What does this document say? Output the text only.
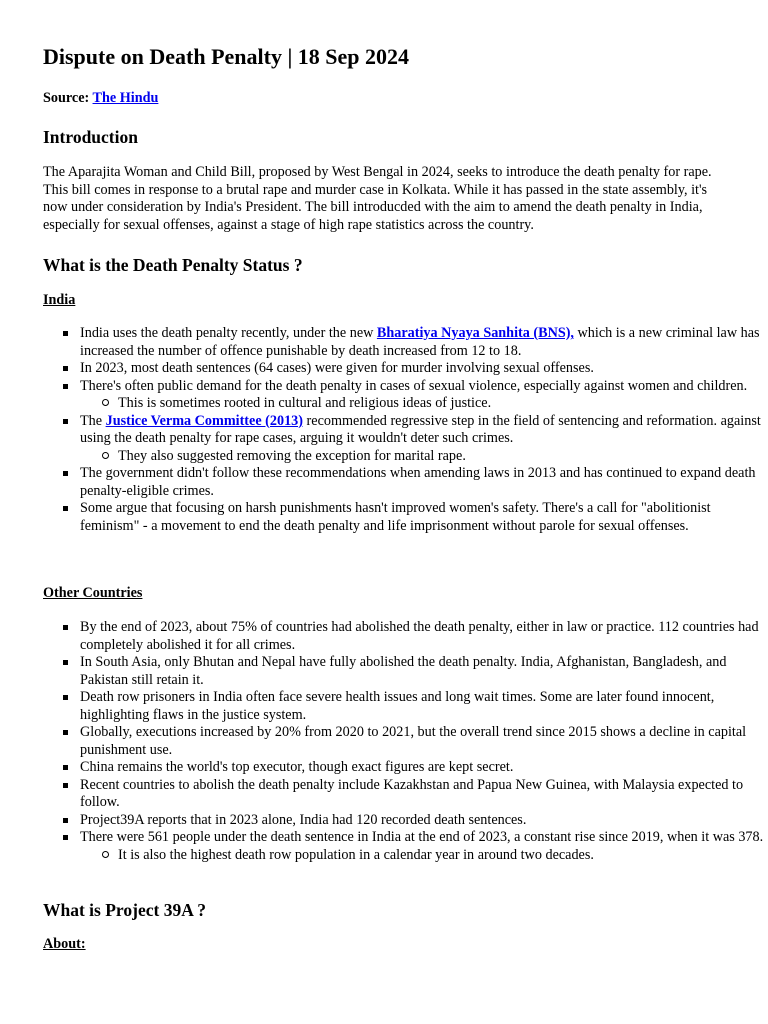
Dispute on Death Penalty | 18 Sep 2024

Source: The Hindu

Introduction

The Aparajita Woman and Child Bill, proposed by West Bengal in 2024, seeks to introduce the death penalty for rape. This bill comes in response to a brutal rape and murder case in Kolkata. While it has passed in the state assembly, it's now under consideration by India's President. The bill introducded with the aim to amend the death penalty in India, especially for sexual offenses, against a stage of high rape statistics across the country.

What is the Death Penalty Status ?

India

India uses the death penalty recently, under the new Bharatiya Nyaya Sanhita (BNS), which is a new criminal law has increased the number of offence punishable by death increased from 12 to 18.
In 2023, most death sentences (64 cases) were given for murder involving sexual offenses.
There's often public demand for the death penalty in cases of sexual violence, especially against women and children.
This is sometimes rooted in cultural and religious ideas of justice.
The Justice Verma Committee (2013) recommended regressive step in the field of sentencing and reformation. against using the death penalty for rape cases, arguing it wouldn't deter such crimes.
They also suggested removing the exception for marital rape.
The government didn't follow these recommendations when amending laws in 2013 and has continued to expand death penalty-eligible crimes.
Some argue that focusing on harsh punishments hasn't improved women's safety. There's a call for "abolitionist feminism" - a movement to end the death penalty and life imprisonment without parole for sexual offenses.

Other Countries

By the end of 2023, about 75% of countries had abolished the death penalty, either in law or practice. 112 countries had completely abolished it for all crimes.
In South Asia, only Bhutan and Nepal have fully abolished the death penalty. India, Afghanistan, Bangladesh, and Pakistan still retain it.
Death row prisoners in India often face severe health issues and long wait times. Some are later found innocent, highlighting flaws in the justice system.
Globally, executions increased by 20% from 2020 to 2021, but the overall trend since 2015 shows a decline in capital punishment use.
China remains the world's top executor, though exact figures are kept secret.
Recent countries to abolish the death penalty include Kazakhstan and Papua New Guinea, with Malaysia expected to follow.
Project39A reports that in 2023 alone, India had 120 recorded death sentences.
There were 561 people under the death sentence in India at the end of 2023, a constant rise since 2019, when it was 378.
It is also the highest death row population in a calendar year in around two decades.
What is Project 39A ?

About:
